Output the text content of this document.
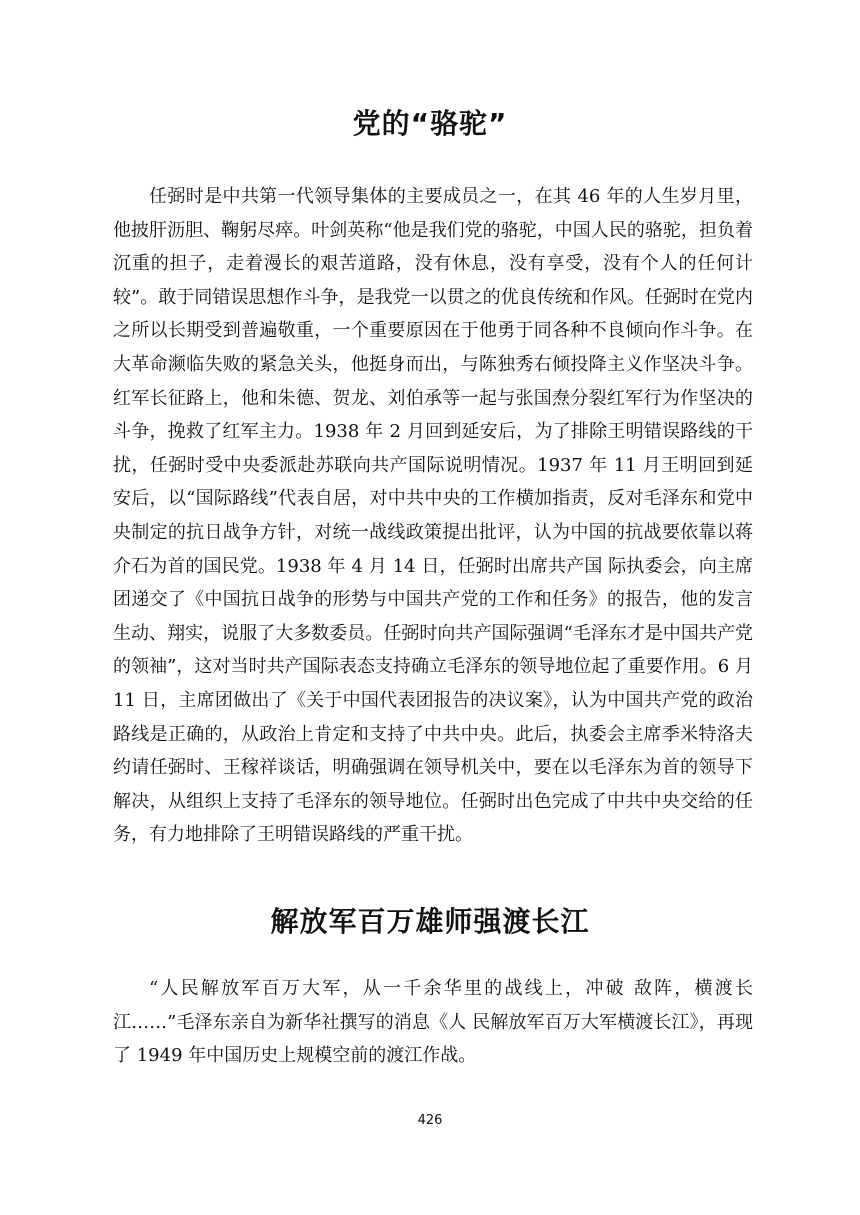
党的“骆驼”

任弼时是中共第一代领导集体的主要成员之一，在其 46 年的人生岁月里，他披肝沥胆、鞠躬尽瘁。叶剑英称“他是我们党的骆驼，中国人民的骆驼，担负着沉重的担子，走着漫长的艰苦道路，没有休息，没有享受，没有个人的任何计较”。敢于同错误思想作斗争，是我党一以贯之的优良传统和作风。任弼时在党内之所以长期受到普遍敬重，一个重要原因在于他勇于同各种不良倾向作斗争。在大革命濒临失败的紧急关头，他挺身而出，与陈独秀右倾投降主义作坚决斗争。红军长征路上，他和朱德、贺龙、刘伯承等一起与张国焘分裂红军行为作坚决的斗争，挽救了红军主力。1938 年 2 月回到延安后，为了排除王明错误路线的干扰，任弼时受中央委派赴苏联向共产国际说明情况。1937 年 11 月王明回到延安后，以“国际路线”代表自居，对中共中央的工作横加指责，反对毛泽东和党中央制定的抗日战争方针，对统一战线政策提出批评，认为中国的抗战要依靠以蒋介石为首的国民党。1938 年 4 月 14 日，任弼时出席共产国 际执委会，向主席团递交了《中国抗日战争的形势与中国共产党的工作和任务》的报告，他的发言生动、翔实，说服了大多数委员。任弼时向共产国际强调“毛泽东才是中国共产党的领袖”，这对当时共产国际表态支持确立毛泽东的领导地位起了重要作用。6 月 11 日，主席团做出了《关于中国代表团报告的决议案》，认为中国共产党的政治路线是正确的，从政治上肯定和支持了中共中央。此后，执委会主席季米特洛夫约请任弼时、王稼祥谈话，明确强调在领导机关中，要在以毛泽东为首的领导下解决，从组织上支持了毛泽东的领导地位。任弼时出色完成了中共中央交给的任务，有力地排除了王明错误路线的严重干扰。

解放军百万雄师强渡长江

“人民解放军百万大军，从一千余华里的战线上，冲破 敌阵，横渡长江……”毛泽东亲自为新华社撰写的消息《人 民解放军百万大军横渡长江》，再现了 1949 年中国历史上规模空前的渡江作战。

426
